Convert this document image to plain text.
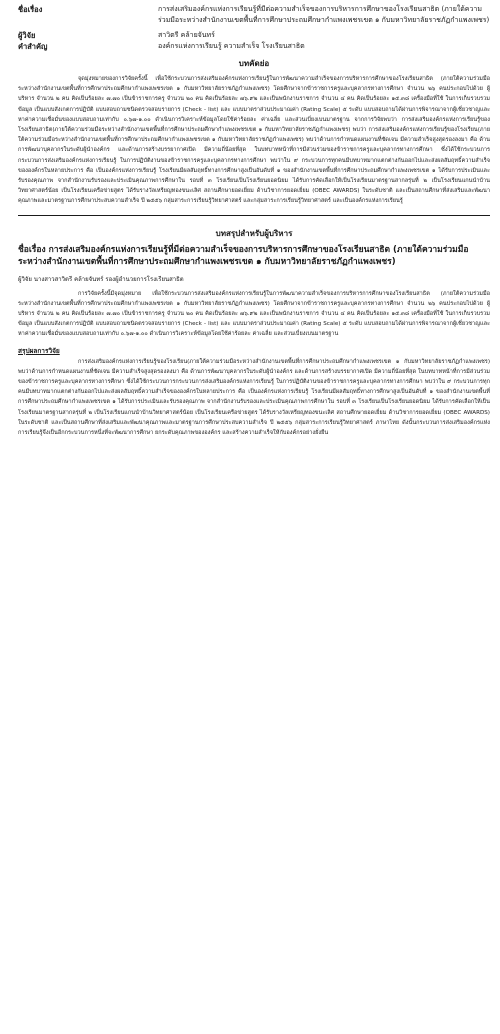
ชื่อเรื่อง	การส่งเสริมองค์กรแห่งการเรียนรู้ที่มีต่อความสำเร็จของการบริหารการศึกษาของโรงเรียนสาธิต (ภายใต้ความร่วมมือระหว่างสำนักงานเขตพื้นที่การศึกษาประถมศึกษากำแพงเพชรเขต ๑ กับมหาวิทยาลัยราชภัฏกำแพงเพชร)
ผู้วิจัย	สาวิตรี คล้ายจันทร์
คำสำคัญ	องค์กรแห่งการเรียนรู้ ความสำเร็จ โรงเรียนสาธิต
บทคัดย่อ

จุดมุ่งหมายของการวิจัยครั้งนี้ เพื่อใช้กระบวนการส่งเสริมองค์กรแห่งการเรียนรู้ในการพัฒนาความสำเร็จของการบริหารการศึกษาของโรงเรียนสาธิต (ภายใต้ความร่วมมือระหว่างสำนักงานเขตพื้นที่การศึกษาประถมศึกษากำแพงเพชรเขต ๑ กับมหาวิทยาลัยราชภัฏกำแพงเพชร) โดยศึกษาจากข้าราชการครูและบุคลากรทางการศึกษา จำนวน ๒๖ คนประกอบไปด้วย ผู้บริหาร จำนวน ๒ คน คิดเป็นร้อยละ ๗.๗๐ เป็นข้าราชการครู จำนวน ๒๐ คน คิดเป็นร้อยละ ๗๖.๙๒ และเป็นพนักงานราชการ จำนวน ๔ คน คิดเป็นร้อยละ ๑๕.๓๘ เครื่องมือที่ใช้ ในการเก็บรวบรวมข้อมูล เป็นแบบสังเกตการปฏิบัติ แบบสอบถามชนิดตรวจสอบรายการ (Check - list) และ แบบมาตราส่วนประมาณค่า (Rating Scale) ๕ ระดับ แบบสอบถามได้ผ่านการพิจารณาจากผู้เชี่ยวชาญและหาค่าความเชื่อมั่นของแบบสอบถามเท่ากับ ๐.๖๗-๑.๐๐ ดำเนินการวิเคราะห์ข้อมูลโดยใช้ค่าร้อยละ ค่าเฉลี่ย และส่วนเบี่ยงเบนมาตรฐาน จากการวิจัยพบว่า การส่งเสริมองค์กรแห่งการเรียนรู้ของโรงเรียนสาธิต(ภายใต้ความร่วมมือระหว่างสำนักงานเขตพื้นที่การศึกษาประถมศึกษากำแพงเพชรเขต ๑ กับมหาวิทยาลัยราชภัฏกำแพงเพชร) พบว่า การส่งเสริมองค์กรแห่งการเรียนรู้ของโรงเรียน(ภายใต้ความร่วมมือระหว่างสำนักงานเขตพื้นที่การศึกษาประถมศึกษากำแพงเพชรเขต ๑ กับมหาวิทยาลัยราชภัฏกำแพงเพชร) พบว่าด้านการกำหนดแผนงานที่ชัดเจน มีความสำเร็จสูงสุดรองลงมา คือ ด้านการพัฒนาบุคลากรในระดับผู้นำองค์กร และด้านการสร้างบรรยากาศเปิด มีความถี่น้อยที่สุด ในบทบาทหน้าที่การมีส่วนร่วมของข้าราชการครูและบุคลากรทางการศึกษา ซึ่งได้ใช้กระบวนการกระบวนการส่งเสริมองค์กรแห่งการเรียนรู้ ในการปฏิบัติงานของข้าราชการครูและบุคลากรทางการศึกษา พบว่าใน ๙ กระบวนการทุกคนมีบทบาทมากแตกต่างกันออกไปและส่งผลสัมฤทธิ์ความสำเร็จขององค์กรในหลายประการ คือ เป็นองค์กรแห่งการเรียนรู้ โรงเรียนมีผลสัมฤทธิ์ทางการศึกษาสูงเป็นอันดับที่ ๑ ของสำนักงานเขตพื้นที่การศึกษาประถมศึกษากำแพงเพชรเขต ๑ ได้รับการประเมินและรับรองคุณภาพ จากสำนักงานรับรองและประเมินคุณภาพการศึกษาใน รอบที่ ๓ โรงเรียนเป็นโรงเรียนยอดนิยม ได้รับการคัดเลือกให้เป็นโรงเรียนมาตรฐานสากลรุ่นที่ ๒ เป็นโรงเรียนแกนนำบ้านวิทยาศาสตร์น้อย เป็นโรงเรียนเครือข่ายสูตร ได้รับรางวัลเหรียญทองขนะเลิศ สถานศึกษายอดเยี่ยม ด้านวิชาการยอดเยี่ยม (OBEC AWARDS) ในระดับชาติ และเป็นสถานศึกษาที่ส่งเสริมและพัฒนาคุณภาพและมาตรฐานการศึกษาประสบความสำเร็จ ปี ๒๕๕๖ กลุ่มสาระการเรียนรู้วิทยาศาสตร์ และกลุ่มสาระการเรียนรู้วิทยาศาสตร์ และเป็นองค์กรแห่งการเรียนรู้

บทสรุปสำหรับผู้บริหาร
ชื่อเรื่อง การส่งเสริมองค์กรแห่งการเรียนรู้ที่มีต่อความสำเร็จของการบริหารการศึกษาของโรงเรียนสาธิต (ภายใต้ความร่วมมือระหว่างสำนักงานเขตพื้นที่การศึกษาประถมศึกษากำแพงเพชรเขต ๑ กับมหาวิทยาลัยราชภัฏกำแพงเพชร)
ผู้วิจัย นางสาวสาวิตรี คล้ายจันทร์ รองผู้อำนวยการโรงเรียนสาธิต

การวิจัยครั้งนี้มีจุดมุ่งหมาย เพื่อใช้กระบวนการส่งเสริมองค์กรแห่งการเรียนรู้ในการพัฒนาความสำเร็จของการบริหารการศึกษาของโรงเรียนสาธิต (ภายใต้ความร่วมมือระหว่างสำนักงานเขตพื้นที่การศึกษาประถมศึกษากำแพงเพชรเขต ๑ กับมหาวิทยาลัยราชภัฏกำแพงเพชร) โดยศึกษาจากข้าราชการครูและบุคลากรทางการศึกษา จำนวน ๒๖ คนประกอบไปด้วย ผู้บริหาร จำนวน ๒ คน คิดเป็นร้อยละ ๗.๗๐ เป็นข้าราชการครู จำนวน ๒๐ คน คิดเป็นร้อยละ ๗๖.๙๒ และเป็นพนักงานราชการ จำนวน ๔ คน คิดเป็นร้อยละ ๑๕.๓๘ เครื่องมือที่ใช้ ในการเก็บรวบรวมข้อมูล เป็นแบบสังเกตการปฏิบัติ แบบสอบถามชนิดตรวจสอบรายการ (Check - list) และ แบบมาตราส่วนประมาณค่า (Rating Scale) ๕ ระดับ แบบสอบถามได้ผ่านการพิจารณาจากผู้เชี่ยวชาญและหาค่าความเชื่อมั่นของแบบสอบถามเท่ากับ ๐.๖๗-๑.๐๐ ดำเนินการวิเคราะห์ข้อมูลโดยใช้ค่าร้อยละ ค่าเฉลี่ย และส่วนเบี่ยงเบนมาตรฐาน

สรุปผลการวิจัย

การส่งเสริมองค์กรแห่งการเรียนรู้ของโรงเรียน(ภายใต้ความร่วมมือระหว่างสำนักงานเขตพื้นที่การศึกษาประถมศึกษากำแพงเพชรเขต ๑ กับมหาวิทยาลัยราชภัฏกำแพงเพชร) พบว่าด้านการกำหนดแผนงานที่ชัดเจน มีความสำเร็จสูงสุดรองลงมา คือ ด้านการพัฒนาบุคลากรในระดับผู้นำองค์กร และด้านการสร้างบรรยากาศเปิด มีความถี่น้อยที่สุด ในบทบาทหน้าที่การมีส่วนร่วมของข้าราชการครูและบุคลากรทางการศึกษา ซึ่งได้ใช้กระบวนการกระบวนการส่งเสริมองค์กรแห่งการเรียนรู้ ในการปฏิบัติงานของข้าราชการครูและบุคลากรทางการศึกษา พบว่าใน ๙ กระบวนการทุกคนมีบทบาทมากแตกต่างกันออกไปและส่งผลสัมฤทธิ์ความสำเร็จขององค์กรในหลายประการ คือ เป็นองค์กรแห่งการเรียนรู้ โรงเรียนมีผลสัมฤทธิ์ทางการศึกษาสูงเป็นอันดับที่ ๑ ของสำนักงานเขตพื้นที่การศึกษาประถมศึกษากำแพงเพชรเขต ๑ ได้รับการประเมินและรับรองคุณภาพ จากสำนักงานรับรองและประเมินคุณภาพการศึกษาใน รอบที่ ๓ โรงเรียนเป็นโรงเรียนยอดนิยม ได้รับการคัดเลือกให้เป็นโรงเรียนมาตรฐานสากลรุ่นที่ ๒ เป็นโรงเรียนแกนนำบ้านวิทยาศาสตร์น้อย เป็นโรงเรียนเครือข่ายสูตร ได้รับรางวัลเหรียญทองขนะเลิศ สถานศึกษายอดเยี่ยม ด้านวิชาการยอดเยี่ยม (OBEC AWARDS) ในระดับชาติ และเป็นสถานศึกษาที่ส่งเสริมและพัฒนาคุณภาพและมาตรฐานการศึกษาประสบความสำเร็จ ปี ๒๕๕๖ กลุ่มสาระการเรียนรู้วิทยาศาสตร์ ภาษาไทย ดังนั้นกระบวนการส่งเสริมองค์กรแห่งการเรียนรู้จึงเป็นอีกกระบวนการหนึ่งที่จะพัฒนาการศึกษา ยกระดับคุณภาพขององค์กร และสร้างความสำเร็จให้กับองค์กรอย่างยั่งยืน
